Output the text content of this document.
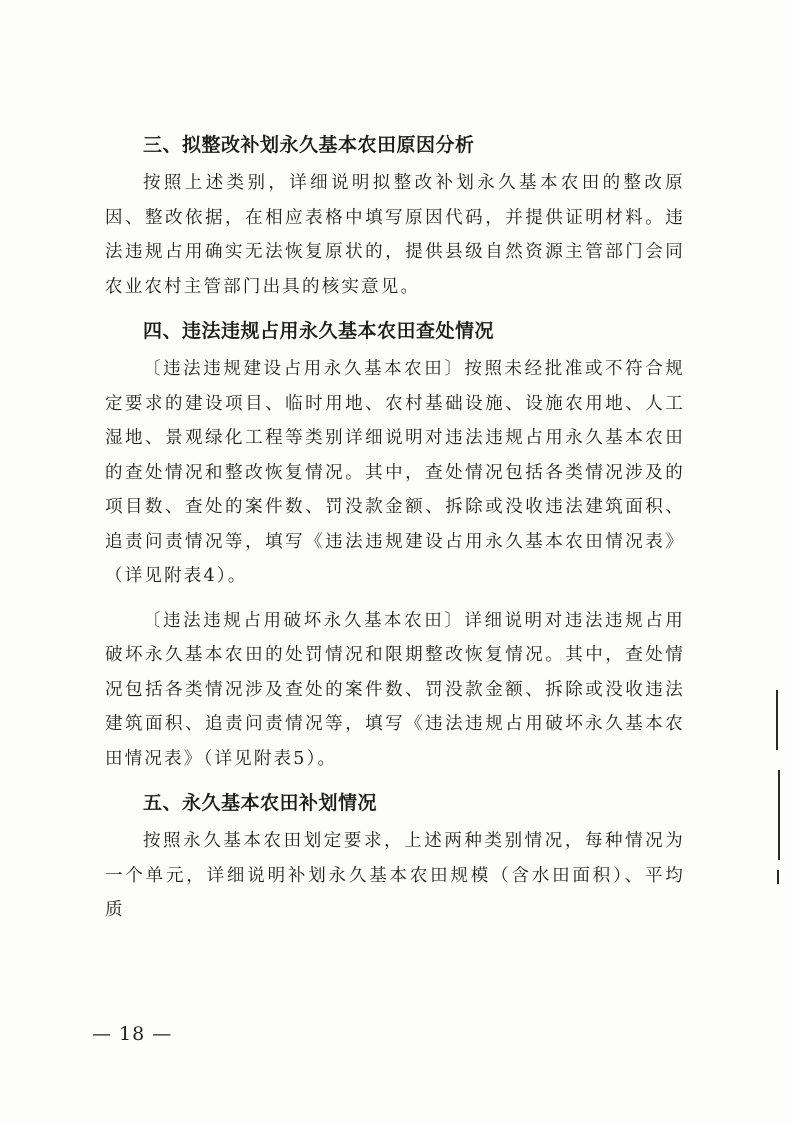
三、拟整改补划永久基本农田原因分析

按照上述类别，详细说明拟整改补划永久基本农田的整改原因、整改依据，在相应表格中填写原因代码，并提供证明材料。违法违规占用确实无法恢复原状的，提供县级自然资源主管部门会同农业农村主管部门出具的核实意见。

四、违法违规占用永久基本农田查处情况

〔违法违规建设占用永久基本农田〕按照未经批准或不符合规定要求的建设项目、临时用地、农村基础设施、设施农用地、人工湿地、景观绿化工程等类别详细说明对违法违规占用永久基本农田的查处情况和整改恢复情况。其中，查处情况包括各类情况涉及的项目数、查处的案件数、罚没款金额、拆除或没收违法建筑面积、追责问责情况等，填写《违法违规建设占用永久基本农田情况表》（详见附表4）。

〔违法违规占用破坏永久基本农田〕详细说明对违法违规占用破坏永久基本农田的处罚情况和限期整改恢复情况。其中，查处情况包括各类情况涉及查处的案件数、罚没款金额、拆除或没收违法建筑面积、追责问责情况等，填写《违法违规占用破坏永久基本农田情况表》（详见附表5）。

五、永久基本农田补划情况

按照永久基本农田划定要求，上述两种类别情况，每种情况为一个单元，详细说明补划永久基本农田规模（含水田面积）、平均质

— 18 —
